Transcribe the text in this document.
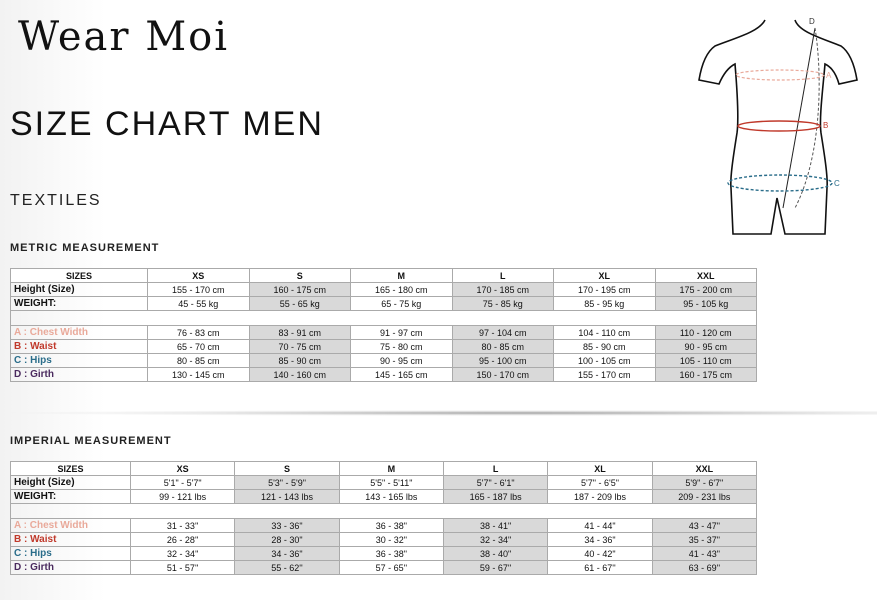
Wear Moi
SIZE CHART MEN
TEXTILES
D
A
B
C
METRIC MEASUREMENT
SIZES	XS	S	M	L	XL	XXL
Height (Size)	155 - 170 cm	160 - 175 cm	165 - 180 cm	170 - 185 cm	170 - 195 cm	175 - 200 cm
WEIGHT:	45 - 55 kg	55 - 65 kg	65 - 75 kg	75 - 85 kg	85 - 95 kg	95 - 105 kg

A : Chest Width	76 - 83 cm	83 - 91 cm	91 - 97 cm	97 - 104 cm	104 - 110 cm	110 - 120 cm
B : Waist	65 - 70 cm	70 - 75 cm	75 - 80 cm	80 - 85 cm	85 - 90 cm	90 - 95 cm
C : Hips	80 - 85 cm	85 - 90 cm	90 - 95 cm	95 - 100 cm	100 - 105 cm	105 - 110 cm
D : Girth	130 - 145 cm	140 - 160 cm	145 - 165 cm	150 - 170 cm	155 - 170 cm	160 - 175 cm
IMPERIAL MEASUREMENT
SIZES	XS	S	M	L	XL	XXL
Height (Size)	5'1" - 5'7"	5'3" - 5'9"	5'5" - 5'11"	5'7" - 6'1"	5'7" - 6'5"	5'9" - 6'7"
WEIGHT:	99 - 121 lbs	121 - 143 lbs	143 - 165 lbs	165 - 187 lbs	187 - 209 lbs	209 - 231 lbs

A : Chest Width	31 - 33''	33 - 36"	36 - 38"	38 - 41"	41 - 44"	43 - 47"
B : Waist	26 - 28''	28 - 30"	30 - 32"	32 - 34"	34 - 36"	35 - 37"
C : Hips	32 - 34"	34 - 36"	36 - 38"	38 - 40"	40 - 42"	41 - 43"
D : Girth	51 - 57''	55 - 62''	57 - 65''	59 - 67''	61 - 67''	63 - 69''
